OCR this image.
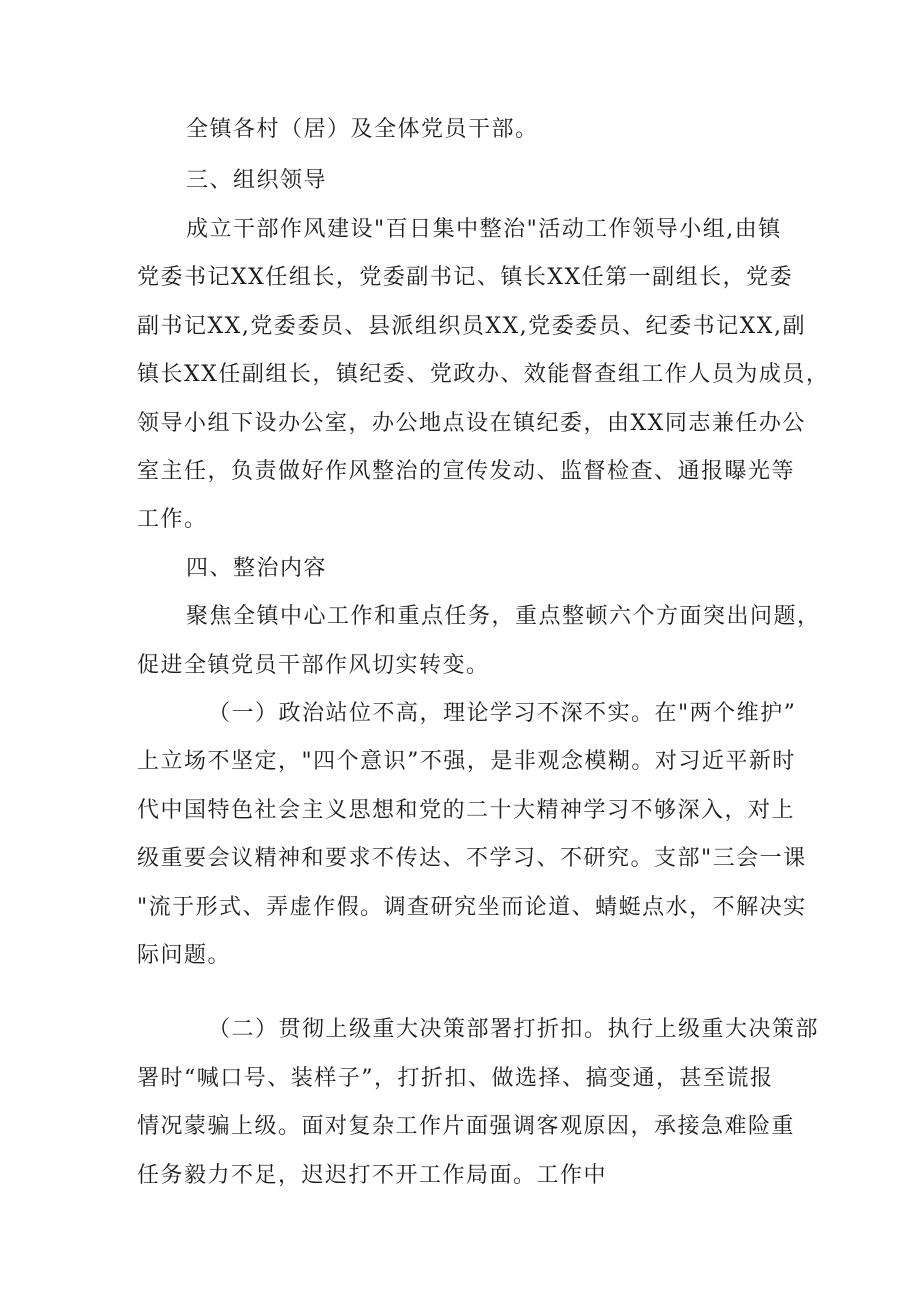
全镇各村（居）及全体党员干部。
三、组织领导
成立干部作风建设"百日集中整治"活动工作领导小组,由镇
党委书记XX任组长，党委副书记、镇长XX任第一副组长，党委
副书记XX,党委委员、县派组织员XX,党委委员、纪委书记XX,副
镇长XX任副组长，镇纪委、党政办、效能督查组工作人员为成员，
领导小组下设办公室，办公地点设在镇纪委，由XX同志兼任办公
室主任，负责做好作风整治的宣传发动、监督检查、通报曝光等
工作。
四、整治内容
聚焦全镇中心工作和重点任务，重点整顿六个方面突出问题，
促进全镇党员干部作风切实转变。
（一）政治站位不高，理论学习不深不实。在"两个维护”
上立场不坚定，"四个意识”不强，是非观念模糊。对习近平新时
代中国特色社会主义思想和党的二十大精神学习不够深入，对上
级重要会议精神和要求不传达、不学习、不研究。支部"三会一课
"流于形式、弄虚作假。调查研究坐而论道、蜻蜓点水，不解决实
际问题。
（二）贯彻上级重大决策部署打折扣。执行上级重大决策部
署时“喊口号、装样子”，打折扣、做选择、搞变通，甚至谎报
情况蒙骗上级。面对复杂工作片面强调客观原因，承接急难险重
任务毅力不足，迟迟打不开工作局面。工作中
